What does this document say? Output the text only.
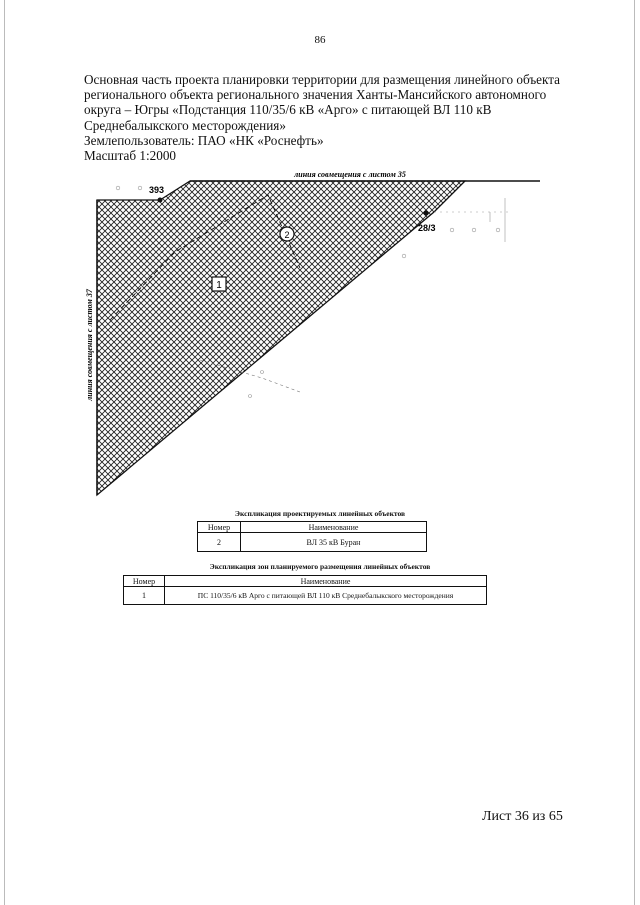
86
Основная часть проекта планировки территории для размещения линейного объекта
регионального объекта регионального значения Ханты-Мансийского автономного
округа – Югры «Подстанция 110/35/6 кВ «Арго» с питающей ВЛ 110 кВ
Среднебалыкского месторождения»
Землепользователь: ПАО «НК «Роснефть»
Масштаб 1:2000
393
28/3
1
2
линия совмещения с листом 35
линия совмещения с листом 37
Экспликация проектируемых линейных объектов
Номер	Наименование
2	ВЛ 35 кВ Буран
Экспликация зон планируемого размещения линейных объектов
Номер	Наименование
1	ПС 110/35/6 кВ Арго с питающей ВЛ 110 кВ Среднебалыкского месторождения
Лист 36 из 65
